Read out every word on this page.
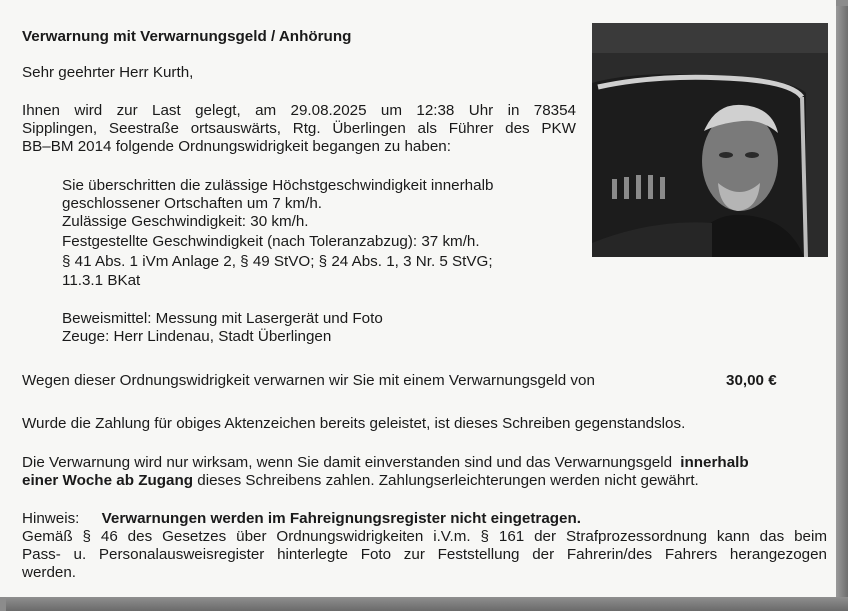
Verwarnung mit Verwarnungsgeld / Anhörung
Sehr geehrter Herr Kurth,
Ihnen wird zur Last gelegt, am 29.08.2025 um 12:38 Uhr in 78354
Sipplingen, Seestraße ortsauswärts, Rtg. Überlingen als Führer des PKW
BB–BM 2014 folgende Ordnungswidrigkeit begangen zu haben:
Sie überschritten die zulässige Höchstgeschwindigkeit innerhalb
geschlossener Ortschaften um 7 km/h.
Zulässige Geschwindigkeit: 30 km/h.
Festgestellte Geschwindigkeit (nach Toleranzabzug): 37 km/h.
§ 41 Abs. 1 iVm Anlage 2, § 49 StVO; § 24 Abs. 1, 3 Nr. 5 StVG;
11.3.1 BKat
Beweismittel: Messung mit Lasergerät und Foto
Zeuge: Herr Lindenau, Stadt Überlingen
Wegen dieser Ordnungswidrigkeit verwarnen wir Sie mit einem Verwarnungsgeld von	30,00 €
Wurde die Zahlung für obiges Aktenzeichen bereits geleistet, ist dieses Schreiben gegenstandslos.
Die Verwarnung wird nur wirksam, wenn Sie damit einverstanden sind und das Verwarnungsgeld innerhalb
einer Woche ab Zugang dieses Schreibens zahlen. Zahlungserleichterungen werden nicht gewährt.
Hinweis: Verwarnungen werden im Fahreignungsregister nicht eingetragen.
Gemäß § 46 des Gesetzes über Ordnungswidrigkeiten i.V.m. § 161 der Strafprozessordnung kann das beim
Pass- u. Personalausweisregister hinterlegte Foto zur Feststellung der Fahrerin/des Fahrers herangezogen
werden.
